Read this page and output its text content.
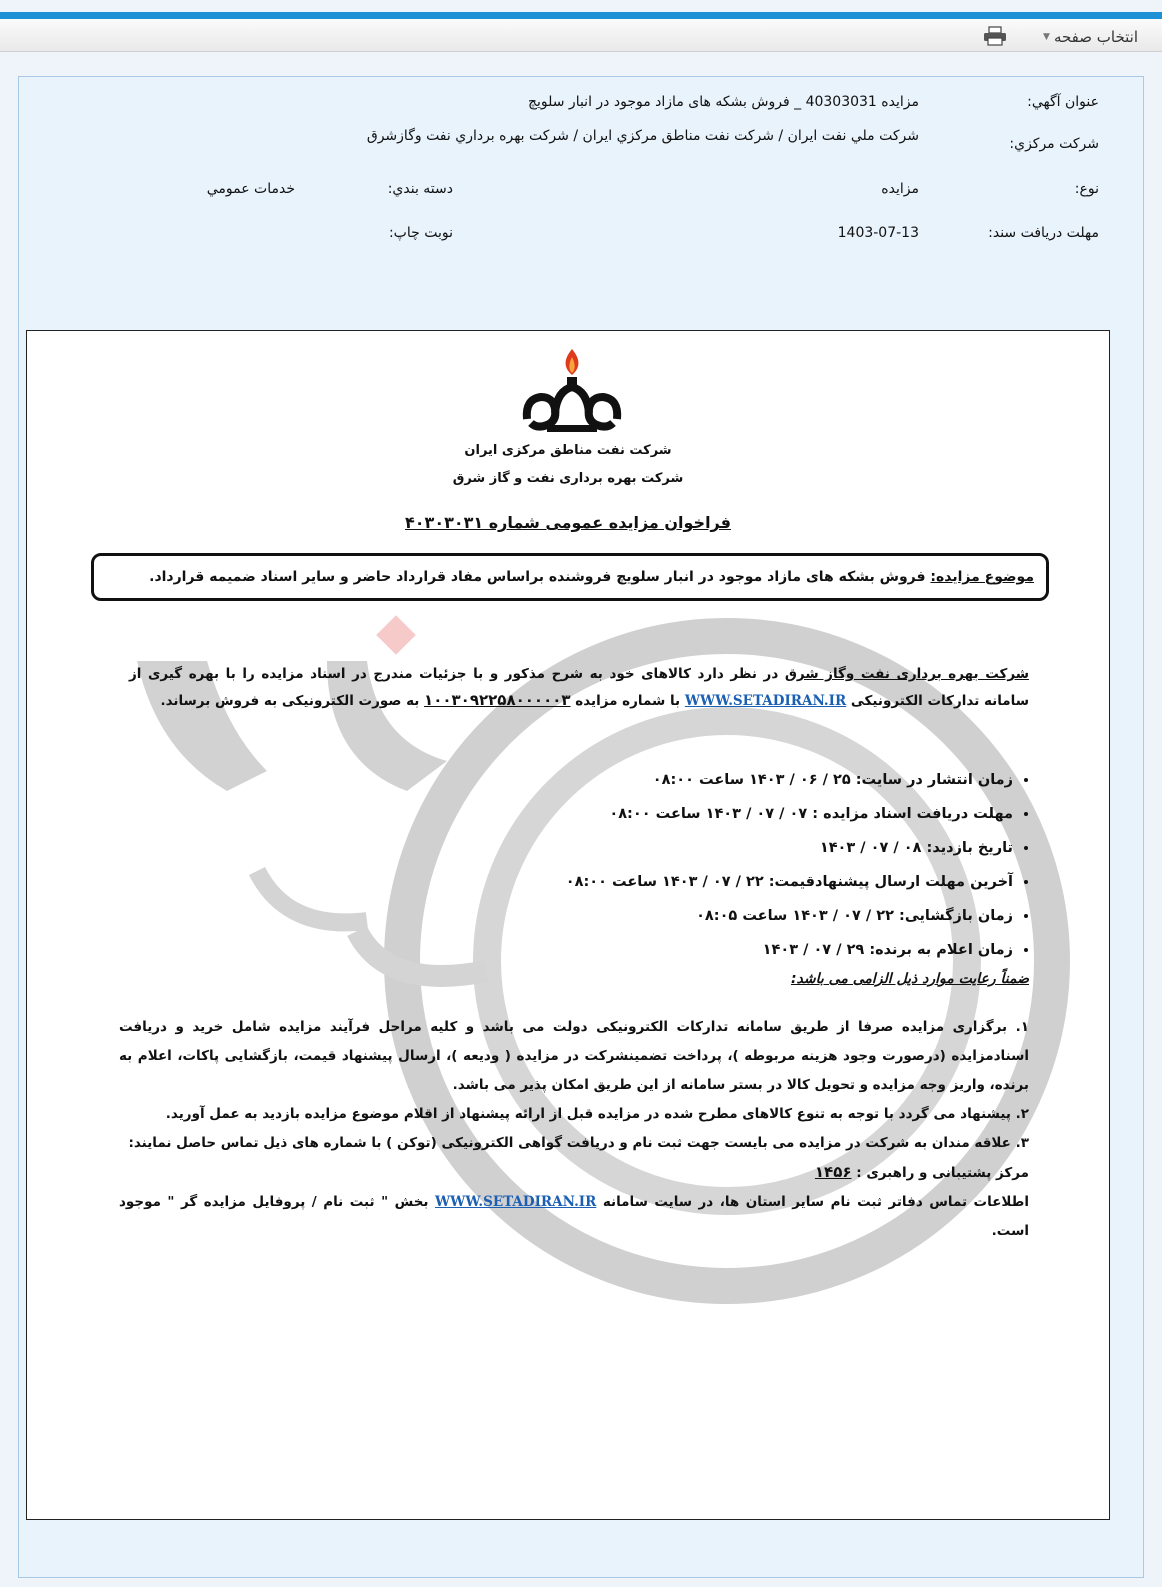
انتخاب صفحه
▼
عنوان آگهي:
مزايده 40303031 _ فروش بشکه های مازاد موجود در انبار سلویچ
شرکت مرکزي:
شرکت ملي نفت ايران / شرکت نفت مناطق مرکزي ايران / شرکت بهره برداري نفت وگازشرق
نوع:
مزايده
دسته بندي:
خدمات عمومي
مهلت دريافت سند:
1403-07-13
نوبت چاپ:
شرکت نفت مناطق مرکزی ایران
شرکت بهره برداری نفت و گاز شرق
فراخوان مزایده عمومی شماره ۴۰۳۰۳۰۳۱
موضوع مزایده:

فروش بشکه های مازاد موجود در انبار سلویچ فروشنده براساس مفاد قرارداد حاضر و سایر اسناد ضمیمه قرارداد.
شرکت بهره برداری نفت وگاز شرق در نظر دارد کالاهای خود به شرح مذکور و با جزئیات مندرج در اسناد مزایده را با بهره گیری از سامانه تدارکات الکترونیکی WWW.SETADIRAN.IR با شماره مزایده ۱۰۰۳۰۹۲۲۵۸۰۰۰۰۰۳ به صورت الکترونیکی به فروش برساند.
• زمان انتشار در سایت: ۲۵ / ۰۶ / ۱۴۰۳ ساعت ۰۸:۰۰
• مهلت دریافت اسناد مزایده : ۰۷ / ۰۷ / ۱۴۰۳ ساعت ۰۸:۰۰
• تاریخ بازدید: ۰۸ / ۰۷ / ۱۴۰۳
• آخرین مهلت ارسال پیشنهادقیمت: ۲۲ / ۰۷ / ۱۴۰۳ ساعت ۰۸:۰۰
• زمان بازگشایی: ۲۲ / ۰۷ / ۱۴۰۳ ساعت ۰۸:۰۵
• زمان اعلام به برنده: ۲۹ / ۰۷ / ۱۴۰۳
ضمناً رعایت موارد ذیل الزامی می باشد:

۱. برگزاری مزایده صرفا از طریق سامانه تدارکات الکترونیکی دولت می باشد و کلیه مراحل فرآیند مزایده شامل خرید و دریافت اسنادمزایده (درصورت وجود هزینه مربوطه )، پرداخت تضمینشرکت در مزایده ( ودیعه )، ارسال پیشنهاد قیمت، بازگشایی پاکات، اعلام به برنده، واریز وجه مزایده و تحویل کالا در بستر سامانه از این طریق امکان پذیر می باشد.

۲. پیشنهاد می گردد با توجه به تنوع کالاهای مطرح شده در مزایده قبل از ارائه پیشنهاد از اقلام موضوع مزایده بازدید به عمل آورید.

۳. علاقه مندان به شرکت در مزایده می بایست جهت ثبت نام و دریافت گواهی الکترونیکی (توکن ) با شماره های ذیل تماس حاصل نمایند:

مرکز پشتیبانی و راهبری : ۱۴۵۶

اطلاعات تماس دفاتر ثبت نام سایر استان ها، در سایت سامانه WWW.SETADIRAN.IR بخش " ثبت نام / پروفایل مزایده گر " موجود است.
